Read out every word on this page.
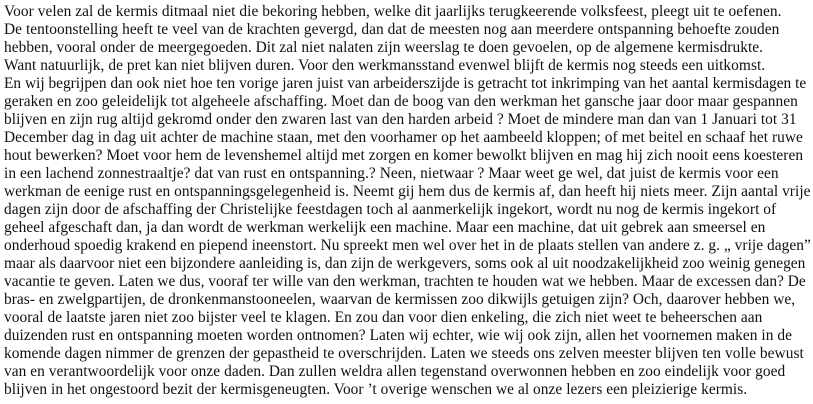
Voor velen zal de kermis ditmaal niet die bekoring hebben, welke dit jaarlijks terugkeerende volksfeest, pleegt uit te oefenen.
De tentoonstelling heeft te veel van de krachten gevergd, dan dat de meesten nog aan meerdere ontspanning behoefte zouden
hebben, vooral onder de meergegoeden. Dit zal niet nalaten zijn weerslag te doen gevoelen, op de algemene kermisdrukte.
Want natuurlijk, de pret kan niet blijven duren. Voor den werkmansstand evenwel blijft de kermis nog steeds een uitkomst.
En wij begrijpen dan ook niet hoe ten vorige jaren juist van arbeiderszijde is getracht tot inkrimping van het aantal kermisdagen te
geraken en zoo geleidelijk tot algeheele afschaffing. Moet dan de boog van den werkman het gansche jaar door maar gespannen
blijven en zijn rug altijd gekromd onder den zwaren last van den harden arbeid ? Moet de mindere man dan van 1 Januari tot 31
December dag in dag uit achter de machine staan, met den voorhamer op het aambeeld kloppen; of met beitel en schaaf het ruwe
hout bewerken? Moet voor hem de levenshemel altijd met zorgen en komer bewolkt blijven en mag hij zich nooit eens koesteren
in een lachend zonnestraaltje? dat van rust en ontspanning.? Neen, nietwaar ? Maar weet ge wel, dat juist de kermis voor een
werkman de eenige rust en ontspanningsgelegenheid is. Neemt gij hem dus de kermis af, dan heeft hij niets meer. Zijn aantal vrije
dagen zijn door de afschaffing der Christelijke feestdagen toch al aanmerkelijk ingekort, wordt nu nog de kermis ingekort of
geheel afgeschaft dan, ja dan wordt de werkman werkelijk een machine. Maar een machine, dat uit gebrek aan smeersel en
onderhoud spoedig krakend en piepend ineenstort. Nu spreekt men wel over het in de plaats stellen van andere z. g. „ vrije dagen”
maar als daarvoor niet een bijzondere aanleiding is, dan zijn de werkgevers, soms ook al uit noodzakelijkheid zoo weinig genegen
vacantie te geven. Laten we dus, vooraf ter wille van den werkman, trachten te houden wat we hebben. Maar de excessen dan? De
bras- en zwelgpartijen, de dronkenmanstooneelen, waarvan de kermissen zoo dikwijls getuigen zijn? Och, daarover hebben we,
vooral de laatste jaren niet zoo bijster veel te klagen. En zou dan voor dien enkeling, die zich niet weet te beheerschen aan
duizenden rust en ontspanning moeten worden ontnomen? Laten wij echter, wie wij ook zijn, allen het voornemen maken in de
komende dagen nimmer de grenzen der gepastheid te overschrijden. Laten we steeds ons zelven meester blijven ten volle bewust
van en verantwoordelijk voor onze daden. Dan zullen weldra allen tegenstand overwonnen hebben en zoo eindelijk voor goed
blijven in het ongestoord bezit der kermisgeneugten. Voor ’t overige wenschen we al onze lezers een pleizierige kermis.
